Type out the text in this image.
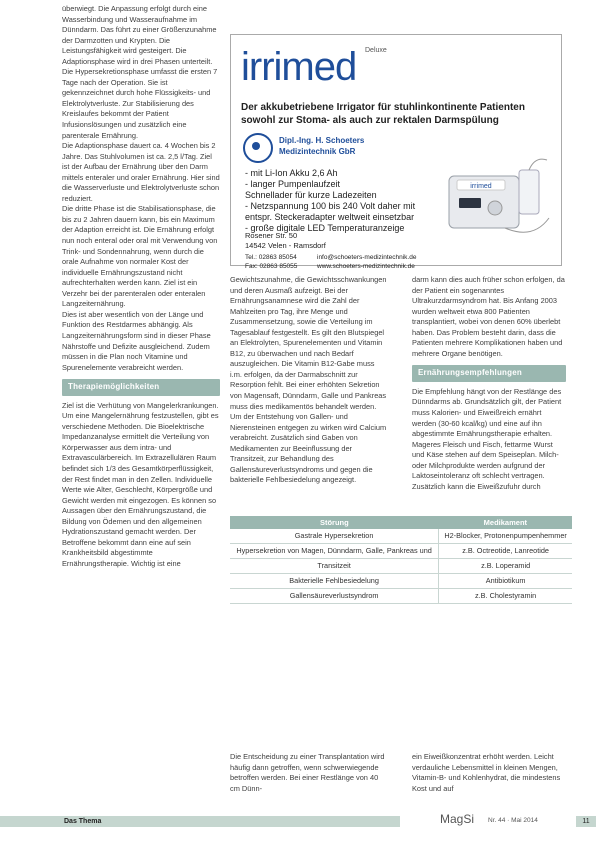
überwiegt. Die Anpassung erfolgt durch eine Wasserbindung und Wasseraufnahme im Dünndarm. Das führt zu einer Größenzunahme der Darmzotten und Krypten. Die Leistungsfähigkeit wird gesteigert. Die Adaptionsphase wird in drei Phasen unterteilt.

Die Hypersekretionsphase umfasst die ersten 7 Tage nach der Operation. Sie ist gekennzeichnet durch hohe Flüssigkeits- und Elektrolytverluste. Zur Stabilisierung des Kreislaufes bekommt der Patient Infusionslösungen und zusätzlich eine parenterale Ernährung.

Die Adaptionsphase dauert ca. 4 Wochen bis 2 Jahre. Das Stuhlvolumen ist ca. 2,5 l/Tag. Ziel ist der Aufbau der Ernährung über den Darm mittels enteraler und oraler Ernährung. Hier sind die Wasserverluste und Elektrolytverluste schon reduziert.

Die dritte Phase ist die Stabilisationsphase, die bis zu 2 Jahren dauern kann, bis ein Maximum der Adaption erreicht ist. Die Ernährung erfolgt nun noch enteral oder oral mit Verwendung von Trink- und Sondennahrung, wenn durch die orale Aufnahme von normaler Kost der individuelle Ernährungszustand nicht aufrechterhalten werden kann. Ziel ist ein Verzehr bei der parenteralen oder enteralen Langzeiternährung.

Dies ist aber wesentlich von der Länge und Funktion des Restdarmes abhängig. Als Langzeiternährungsform sind in dieser Phase Nährstoffe und Defizite ausgleichend. Zudem müssen in die Plan noch Vitamine und Spurenelemente verabreicht werden.

Therapiemöglichkeiten

Ziel ist die Verhütung von Mangelerkrankungen. Um eine Mangelernährung festzustellen, gibt es verschiedene Methoden. Die Bioelektrische Impedanzanalyse ermittelt die Verteilung von Körperwasser aus dem intra- und Extravasculärbereich. Im Extrazellulären Raum befindet sich 1/3 des Gesamtkörperflüssigkeit, der Rest findet man in den Zellen. Individuelle Werte wie Alter, Geschlecht, Körpergröße und Gewicht werden mit eingezogen. Es können so Aussagen über den Ernährungszustand, die Bildung von Ödemen und den allgemeinen Hydrationszustand gemacht werden. Der Betroffene bekommt dann eine auf sein Krankheitsbild abgestimmte Ernährungstherapie. Wichtig ist eine

irrimed Deluxe
Der akkubetriebene Irrigator für stuhlinkontinente Patienten sowohl zur Stoma- als auch zur rektalen Darmspülung
Dipl.-Ing. H. Schoeters
Medizintechnik GbR
- mit Li-Ion Akku 2,6 Ah
- langer Pumpenlaufzeit
Schnellader für kurze Ladezeiten
- Netzspannung 100 bis 240 Volt daher mit
entspr. Steckeradapter weltweit einsetzbar
- große digitale LED Temperaturanzeige
Rosener Str. 50
14542 Velen - Ramsdorf
Tel.: 02863 85054	info@schoeters-medizintechnik.de
Fax: 02863 85055	www.schoeters-medizintechnik.de
irrimed

Gewichtszunahme, die Gewichtsschwankungen und deren Ausmaß aufzeigt. Bei der Ernährungsanamnese wird die Zahl der Mahlzeiten pro Tag, ihre Menge und Zusammensetzung, sowie die Verteilung im Tagesablauf festgestellt. Es gilt den Blutspiegel an Elektrolyten, Spurenelementen und Vitamin B12, zu überwachen und nach Bedarf auszugleichen. Die Vitamin B12-Gabe muss i.m. erfolgen, da der Darmabschnitt zur Resorption fehlt. Bei einer erhöhten Sekretion von Magensaft, Dünndarm, Galle und Pankreas muss dies medikamentös behandelt werden. Um der Entstehung von Gallen- und Nierensteinen entgegen zu wirken wird Calcium verabreicht. Zusätzlich sind Gaben von Medikamenten zur Beeinflussung der Transitzeit, zur Behandlung des Gallensäureverlustsyndroms und gegen die bakterielle Fehlbesiedelung angezeigt.

darm kann dies auch früher schon erfolgen, da der Patient ein sogenanntes Ultrakurzdarmsyndrom hat. Bis Anfang 2003 wurden weltweit etwa 800 Patienten transplantiert, wobei von denen 60% überlebt haben. Das Problem besteht darin, dass die Patienten mehrere Komplikationen haben und mehrere Organe benötigen.

Ernährungsempfehlungen

Die Empfehlung hängt von der Restlänge des Dünndarms ab. Grundsätzlich gilt, der Patient muss Kalorien- und Eiweißreich ernährt werden (30-60 kcal/kg) und eine auf ihn abgestimmte Ernährungstherapie erhalten. Mageres Fleisch und Fisch, fettarme Wurst und Käse stehen auf dem Speiseplan. Milch- oder Milchprodukte werden aufgrund der Laktoseintoleranz oft schlecht vertragen. Zusätzlich kann die Eiweißzufuhr durch

Störung	Medikament
Gastrale Hypersekretion	H2-Blocker, Protonenpumpenhemmer
Hypersekretion von Magen, Dünndarm, Galle, Pankreas und	z.B. Octreotide, Lanreotide
Transitzeit	z.B. Loperamid
Bakterielle Fehlbesiedelung	Antibiotikum
Gallensäureverlustsyndrom	z.B. Cholestyramin
Die Entscheidung zu einer Transplantation wird häufig dann getroffen, wenn schwerwiegende betroffen werden. Bei einer Restlänge von 40 cm Dünn-
ein Eiweißkonzentrat erhöht werden. Leicht verdauliche Lebensmittel in kleinen Mengen, Vitamin-B- und Kohlenhydrat, die mindestens Kost und auf
Das Thema	MagSi Nr. 44 · Mai 2014	11
